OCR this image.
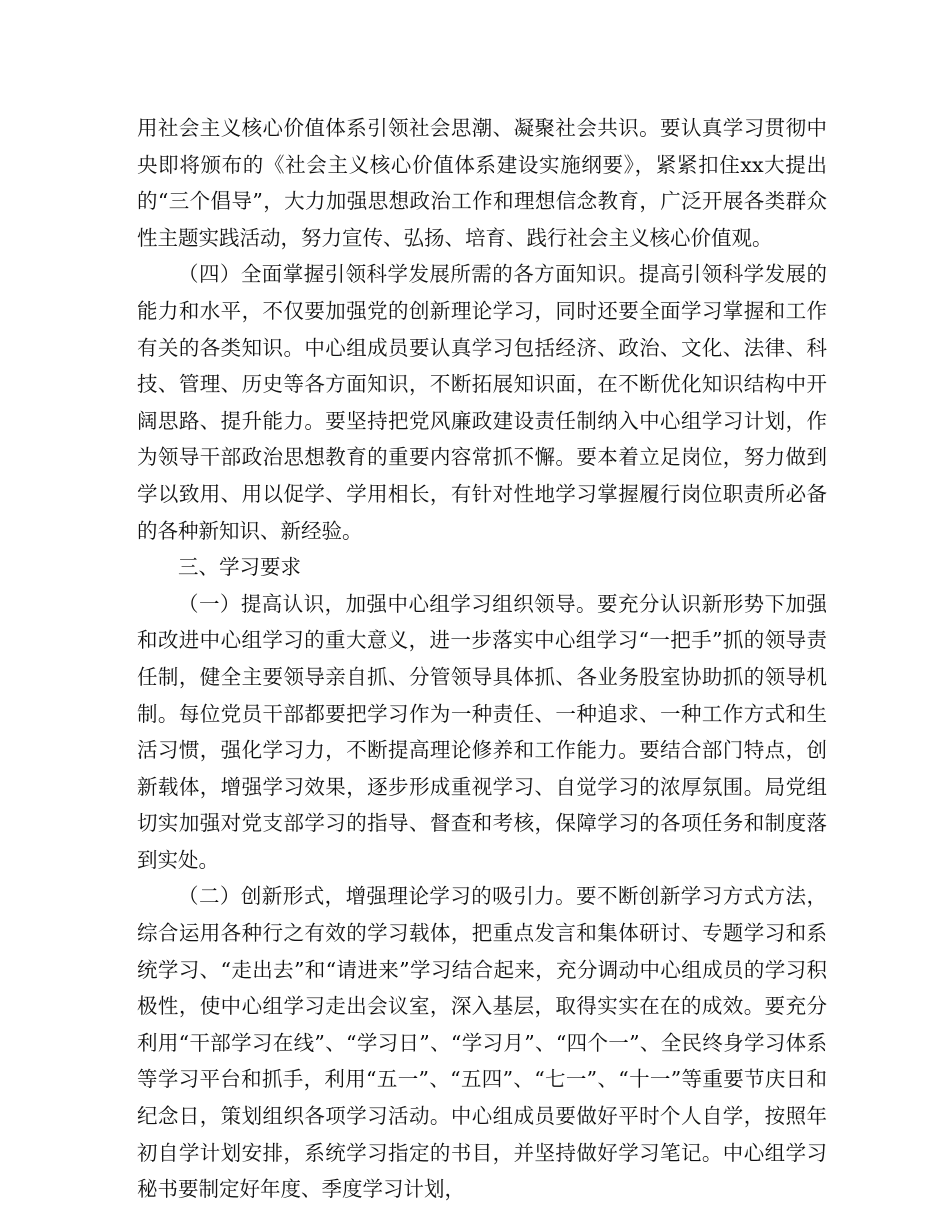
用社会主义核心价值体系引领社会思潮、凝聚社会共识。要认真学习贯彻中央即将颁布的《社会主义核心价值体系建设实施纲要》，紧紧扣住xx大提出的“三个倡导”，大力加强思想政治工作和理想信念教育，广泛开展各类群众性主题实践活动，努力宣传、弘扬、培育、践行社会主义核心价值观。

（四）全面掌握引领科学发展所需的各方面知识。提高引领科学发展的能力和水平，不仅要加强党的创新理论学习，同时还要全面学习掌握和工作有关的各类知识。中心组成员要认真学习包括经济、政治、文化、法律、科技、管理、历史等各方面知识，不断拓展知识面，在不断优化知识结构中开阔思路、提升能力。要坚持把党风廉政建设责任制纳入中心组学习计划，作为领导干部政治思想教育的重要内容常抓不懈。要本着立足岗位，努力做到学以致用、用以促学、学用相长，有针对性地学习掌握履行岗位职责所必备的各种新知识、新经验。

三、学习要求

（一）提高认识，加强中心组学习组织领导。要充分认识新形势下加强和改进中心组学习的重大意义，进一步落实中心组学习“一把手”抓的领导责任制，健全主要领导亲自抓、分管领导具体抓、各业务股室协助抓的领导机制。每位党员干部都要把学习作为一种责任、一种追求、一种工作方式和生活习惯，强化学习力，不断提高理论修养和工作能力。要结合部门特点，创新载体，增强学习效果，逐步形成重视学习、自觉学习的浓厚氛围。局党组切实加强对党支部学习的指导、督查和考核，保障学习的各项任务和制度落到实处。

（二）创新形式，增强理论学习的吸引力。要不断创新学习方式方法，综合运用各种行之有效的学习载体，把重点发言和集体研讨、专题学习和系统学习、“走出去”和“请进来”学习结合起来，充分调动中心组成员的学习积极性，使中心组学习走出会议室，深入基层，取得实实在在的成效。要充分利用“干部学习在线”、“学习日”、“学习月”、“四个一”、全民终身学习体系等学习平台和抓手，利用“五一”、“五四”、“七一”、“十一”等重要节庆日和纪念日，策划组织各项学习活动。中心组成员要做好平时个人自学，按照年初自学计划安排，系统学习指定的书目，并坚持做好学习笔记。中心组学习秘书要制定好年度、季度学习计划，
